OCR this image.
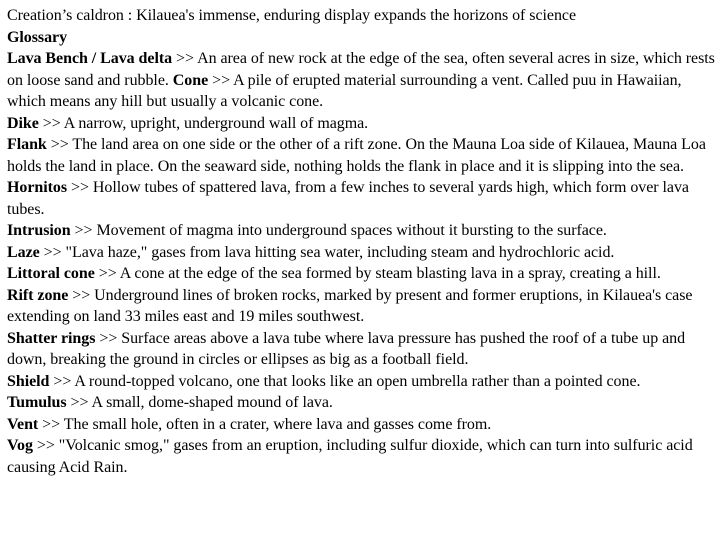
Creation’s caldron : Kilauea's immense, enduring display expands the horizons of science

Glossary

Lava Bench / Lava delta >> An area of new rock at the edge of the sea, often several acres in size, which rests on loose sand and rubble. Cone >> A pile of erupted material surrounding a vent. Called puu in Hawaiian, which means any hill but usually a volcanic cone.

Dike >> A narrow, upright, underground wall of magma.

Flank >> The land area on one side or the other of a rift zone. On the Mauna Loa side of Kilauea, Mauna Loa holds the land in place. On the seaward side, nothing holds the flank in place and it is slipping into the sea.

Hornitos >> Hollow tubes of spattered lava, from a few inches to several yards high, which form over lava tubes.

Intrusion >> Movement of magma into underground spaces without it bursting to the surface.

Laze >> "Lava haze," gases from lava hitting sea water, including steam and hydrochloric acid.

Littoral cone >> A cone at the edge of the sea formed by steam blasting lava in a spray, creating a hill.

Rift zone >> Underground lines of broken rocks, marked by present and former eruptions, in Kilauea's case extending on land 33 miles east and 19 miles southwest.

Shatter rings >> Surface areas above a lava tube where lava pressure has pushed the roof of a tube up and down, breaking the ground in circles or ellipses as big as a football field.

Shield >> A round-topped volcano, one that looks like an open umbrella rather than a pointed cone.

Tumulus >> A small, dome-shaped mound of lava.

Vent >> The small hole, often in a crater, where lava and gasses come from.

Vog >> "Volcanic smog," gases from an eruption, including sulfur dioxide, which can turn into sulfuric acid causing Acid Rain.
